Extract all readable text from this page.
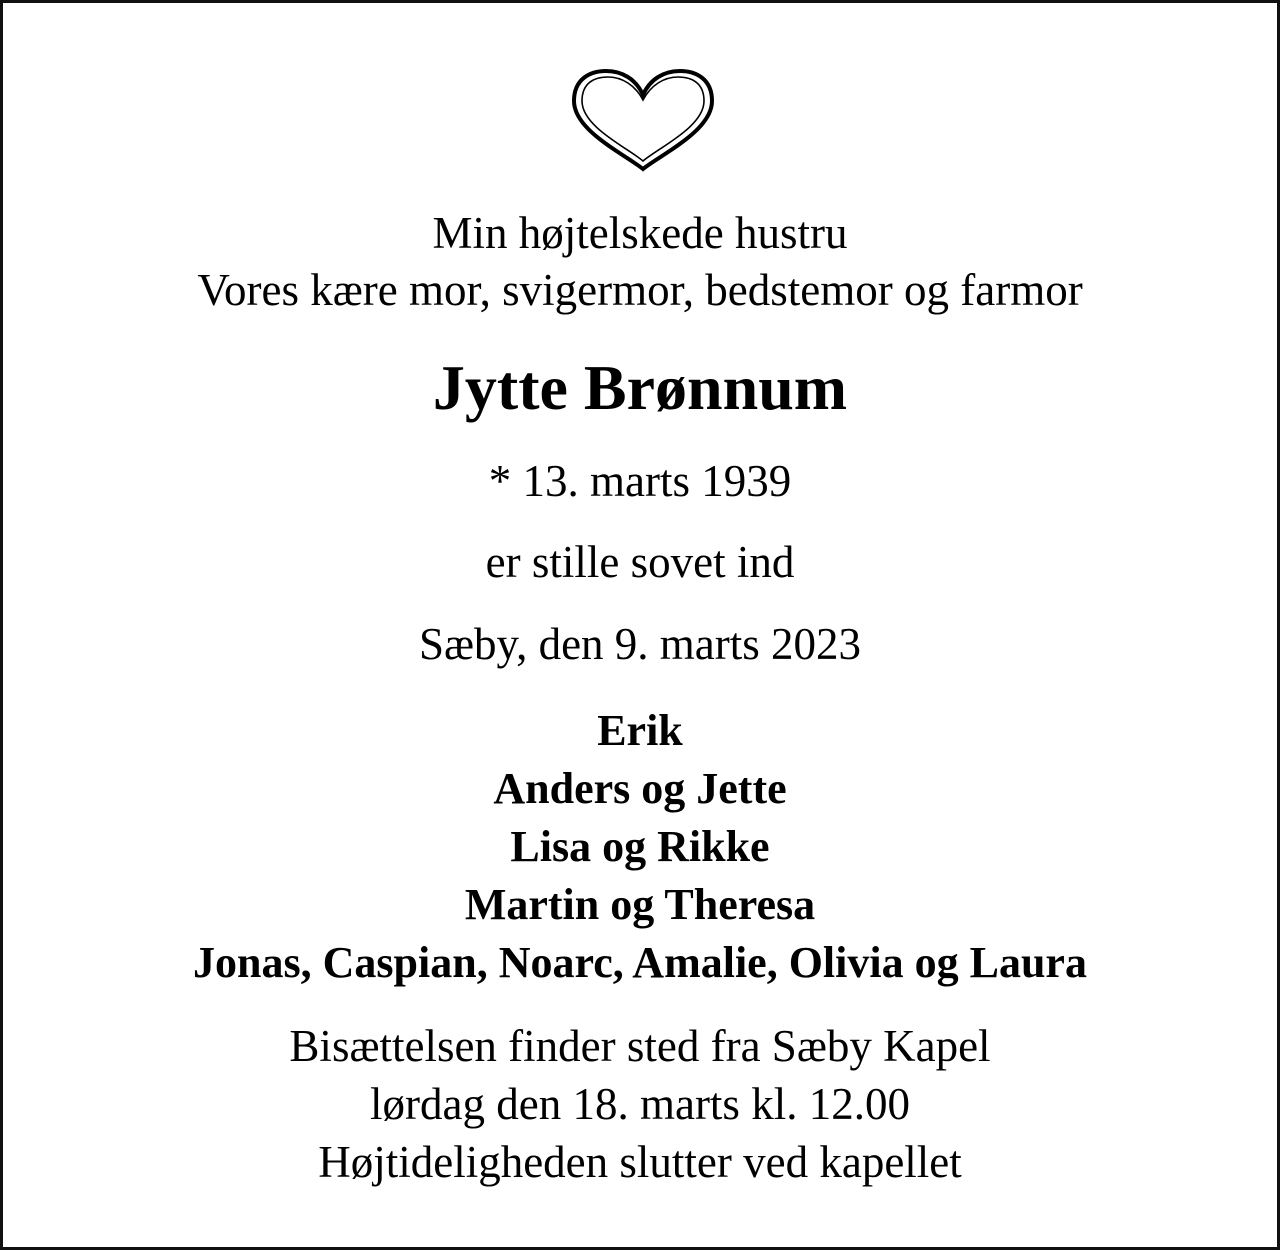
Min højtelskede hustru
Vores kære mor, svigermor, bedstemor og farmor
Jytte Brønnum
* 13. marts 1939
er stille sovet ind
Sæby, den 9. marts 2023
Erik
Anders og Jette
Lisa og Rikke
Martin og Theresa
Jonas, Caspian, Noarc, Amalie, Olivia og Laura
Bisættelsen finder sted fra Sæby Kapel
lørdag den 18. marts kl. 12.00
Højtideligheden slutter ved kapellet
